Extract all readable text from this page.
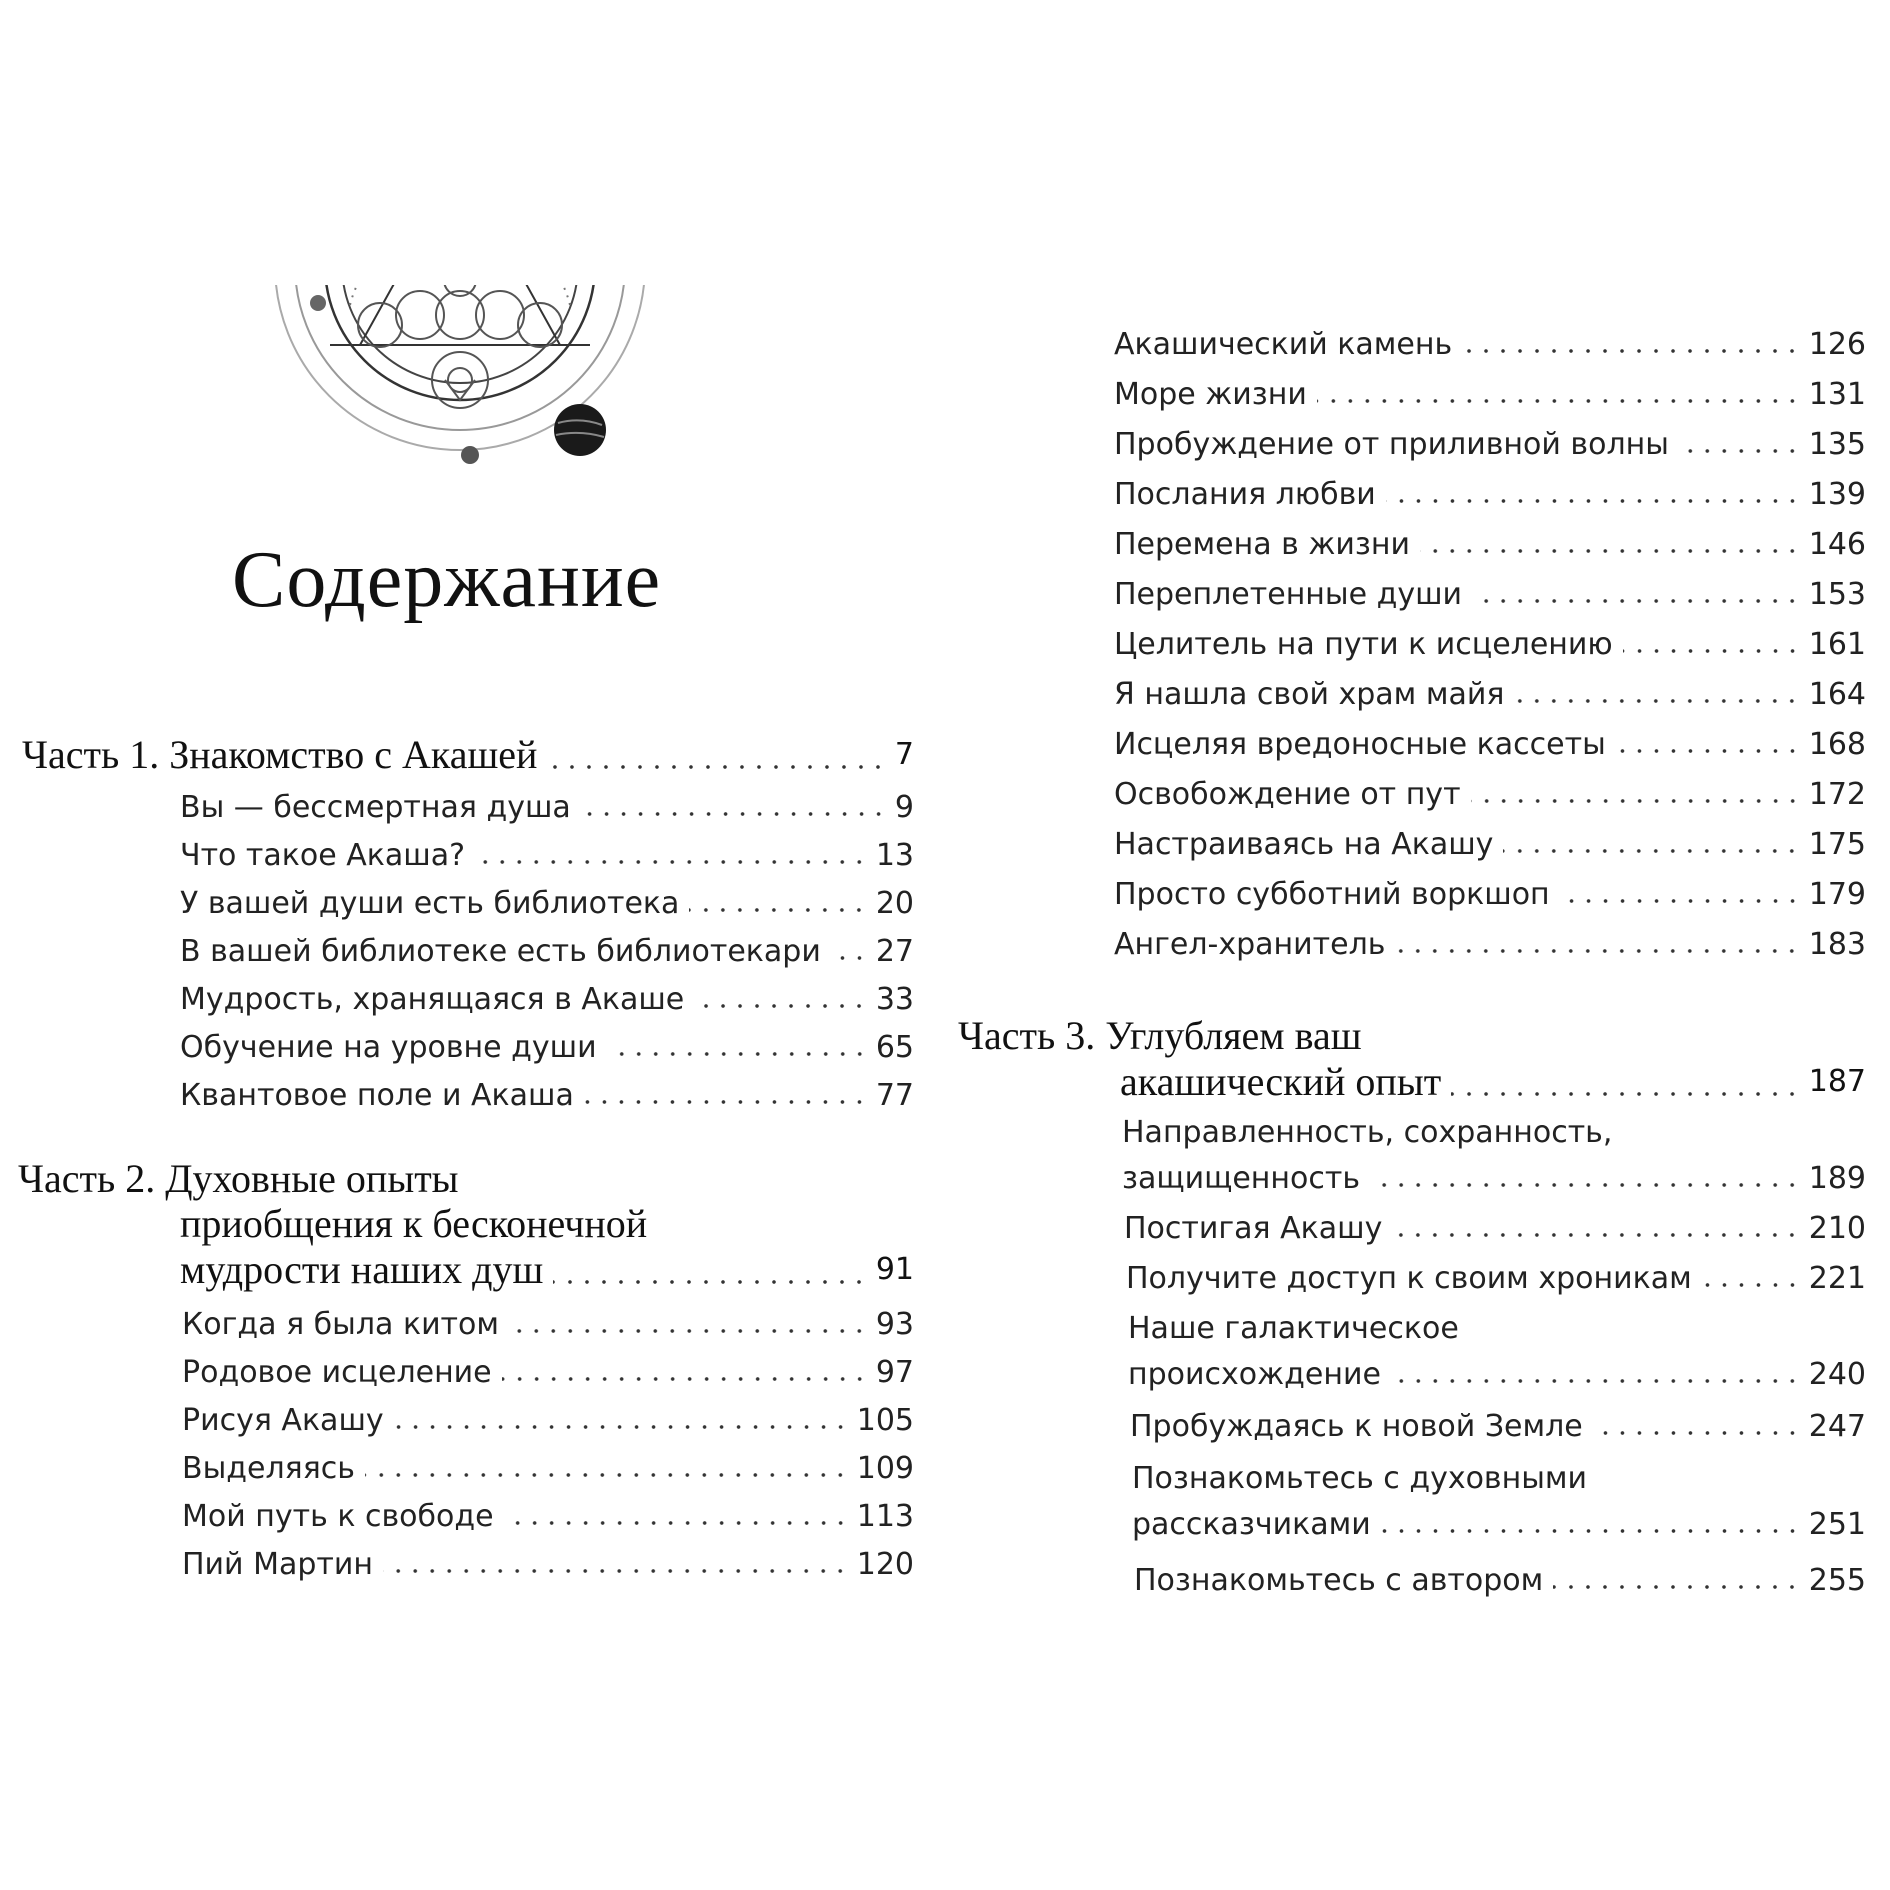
Содержание
Часть 1. Знакомство с Акашей	7
Вы — бессмертная душа	9
Что такое Акаша?	13
У вашей души есть библиотека	20
В вашей библиотеке есть библиотекари 27
Мудрость, хранящаяся в Акаше	33
Обучение на уровне души	65
Квантовое поле и Акаша	77
Часть 2. Духовные опыты
приобщения к бесконечной
мудрости наших душ	91
Когда я была китом	93
Родовое исцеление	97
Рисуя Акашу	105
Выделяясь	109
Мой путь к свободе	113
Пий Мартин	120
Акашический камень	126
Море жизни	131
Пробуждение от приливной волны	135
Послания любви	139
Перемена в жизни	146
Переплетенные души	153
Целитель на пути к исцелению	161
Я нашла свой храм майя	164
Исцеляя вредоносные кассеты	168
Освобождение от пут	172
Настраиваясь на Акашу	175
Просто субботний воркшоп	179
Ангел-хранитель	183
Часть 3. Углубляем ваш
акашический опыт	187
Направленность, сохранность,
защищенность	189
Постигая Акашу	210
Получите доступ к своим хроникам	221
Наше галактическое
происхождение	240
Пробуждаясь к новой Земле	247
Познакомьтесь с духовными
рассказчиками	251
Познакомьтесь с автором	255
